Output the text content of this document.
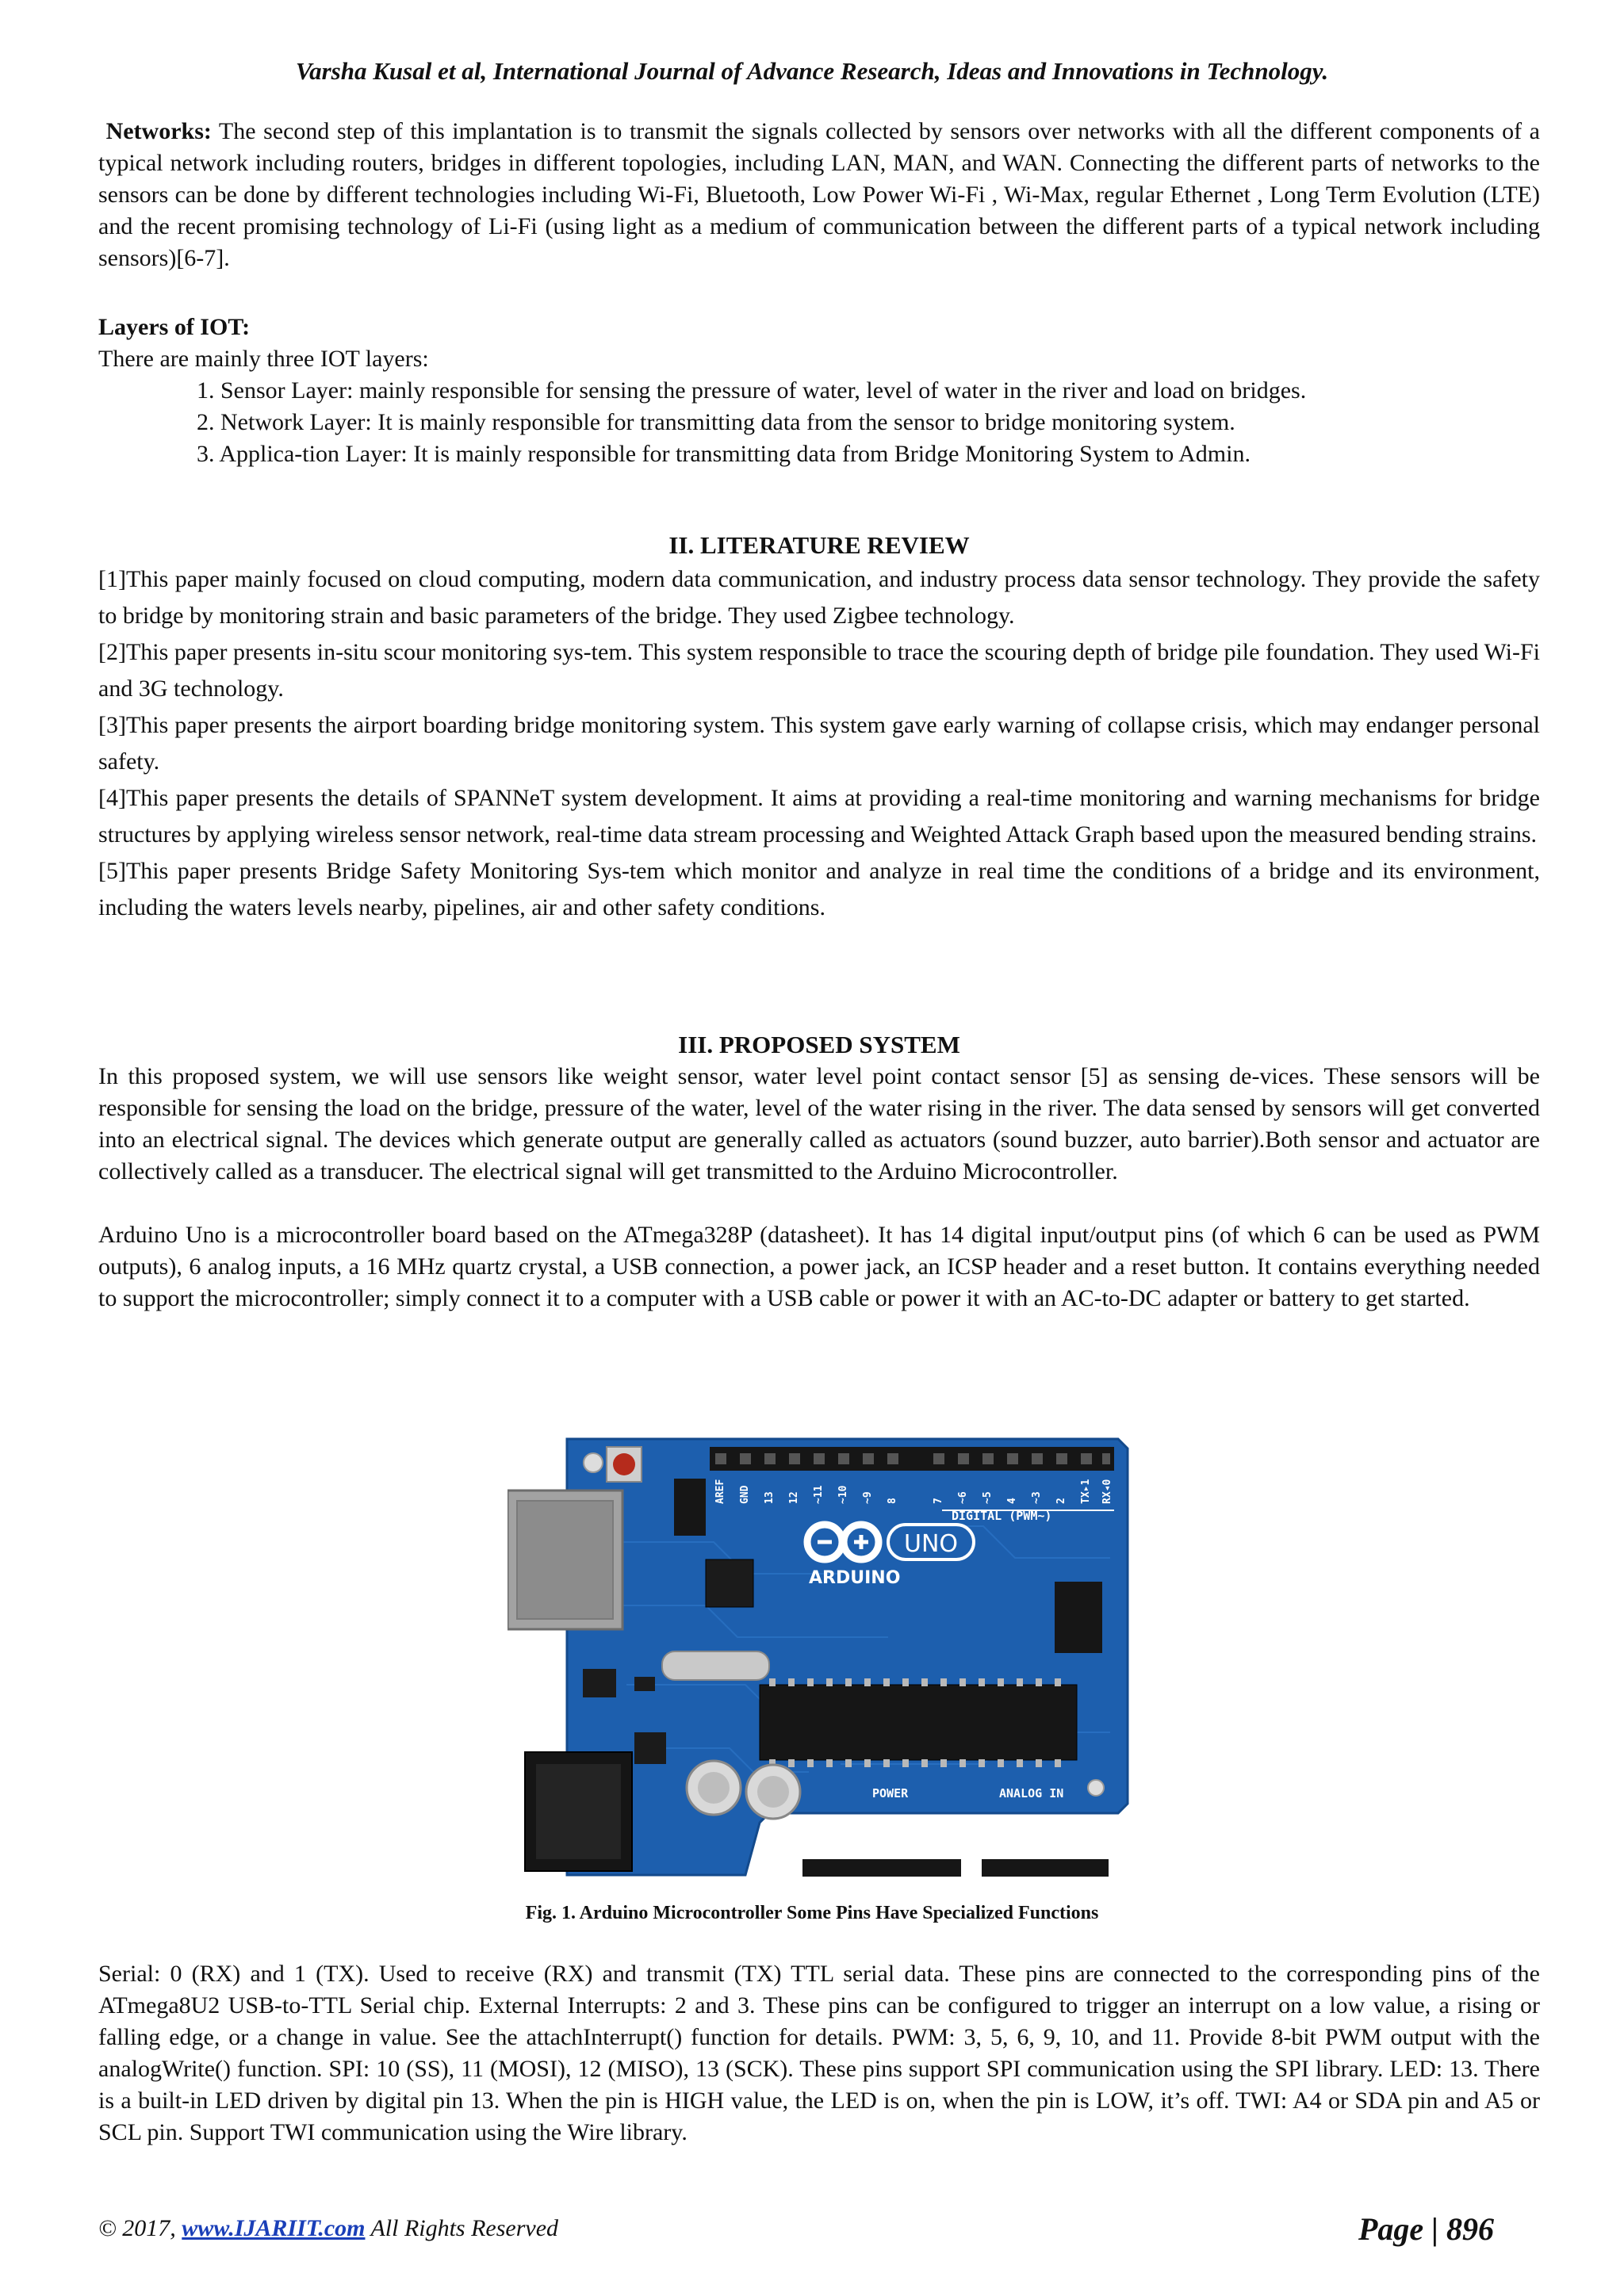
Varsha Kusal et al, International Journal of Advance Research, Ideas and Innovations in Technology.

Networks: The second step of this implantation is to transmit the signals collected by sensors over networks with all the different components of a typical network including routers, bridges in different topologies, including LAN, MAN, and WAN. Connecting the different parts of networks to the sensors can be done by different technologies including Wi-Fi, Bluetooth, Low Power Wi-Fi , Wi-Max, regular Ethernet , Long Term Evolution (LTE) and the recent promising technology of Li-Fi (using light as a medium of communication between the different parts of a typical network including sensors)[6-7].

Layers of IOT:
There are mainly three IOT layers:
1. Sensor Layer: mainly responsible for sensing the pressure of water, level of water in the river and load on bridges.
2. Network Layer: It is mainly responsible for transmitting data from the sensor to bridge monitoring system.
3. Applica-tion Layer: It is mainly responsible for transmitting data from Bridge Monitoring System to Admin.
II. LITERATURE REVIEW

[1]This paper mainly focused on cloud computing, modern data communication, and industry process data sensor technology. They provide the safety to bridge by monitoring strain and basic parameters of the bridge. They used Zigbee technology.

[2]This paper presents in-situ scour monitoring sys-tem. This system responsible to trace the scouring depth of bridge pile foundation. They used Wi-Fi and 3G technology.

[3]This paper presents the airport boarding bridge monitoring system. This system gave early warning of collapse crisis, which may endanger personal safety.

[4]This paper presents the details of SPANNeT system development. It aims at providing a real-time monitoring and warning mechanisms for bridge structures by applying wireless sensor network, real-time data stream processing and Weighted Attack Graph based upon the measured bending strains.

[5]This paper presents Bridge Safety Monitoring Sys-tem which monitor and analyze in real time the conditions of a bridge and its environment, including the waters levels nearby, pipelines, air and other safety conditions.

III. PROPOSED SYSTEM

In this proposed system, we will use sensors like weight sensor, water level point contact sensor [5] as sensing de-vices. These sensors will be responsible for sensing the load on the bridge, pressure of the water, level of the water rising in the river. The data sensed by sensors will get converted into an electrical signal. The devices which generate output are generally called as actuators (sound buzzer, auto barrier).Both sensor and actuator are collectively called as a transducer. The electrical signal will get transmitted to the Arduino Microcontroller.

Arduino Uno is a microcontroller board based on the ATmega328P (datasheet). It has 14 digital input/output pins (of which 6 can be used as PWM outputs), 6 analog inputs, a 16 MHz quartz crystal, a USB connection, a power jack, an ICSP header and a reset button. It contains everything needed to support the microcontroller; simply connect it to a computer with a USB cable or power it with an AC-to-DC adapter or battery to get started.

AREF GND 13 12 ~11 ~10 ~9 8	7 ~6 ~5 4 ~3 2 TX▸1 RX◂0
DIGITAL (PWM~)
UNO
ARDUINO
POWER	ANALOG IN
IOREF RESET 3.3V 5V GND GND Vin	A0 A1 A2 A3 A4 A5
Fig. 1. Arduino Microcontroller Some Pins Have Specialized Functions

Serial: 0 (RX) and 1 (TX). Used to receive (RX) and transmit (TX) TTL serial data. These pins are connected to the corresponding pins of the ATmega8U2 USB-to-TTL Serial chip. External Interrupts: 2 and 3. These pins can be configured to trigger an interrupt on a low value, a rising or falling edge, or a change in value. See the attachInterrupt() function for details. PWM: 3, 5, 6, 9, 10, and 11. Provide 8-bit PWM output with the analogWrite() function. SPI: 10 (SS), 11 (MOSI), 12 (MISO), 13 (SCK). These pins support SPI communication using the SPI library. LED: 13. There is a built-in LED driven by digital pin 13. When the pin is HIGH value, the LED is on, when the pin is LOW, it’s off. TWI: A4 or SDA pin and A5 or SCL pin. Support TWI communication using the Wire library.

© 2017, www.IJARIIT.com All Rights Reserved	Page | 896
